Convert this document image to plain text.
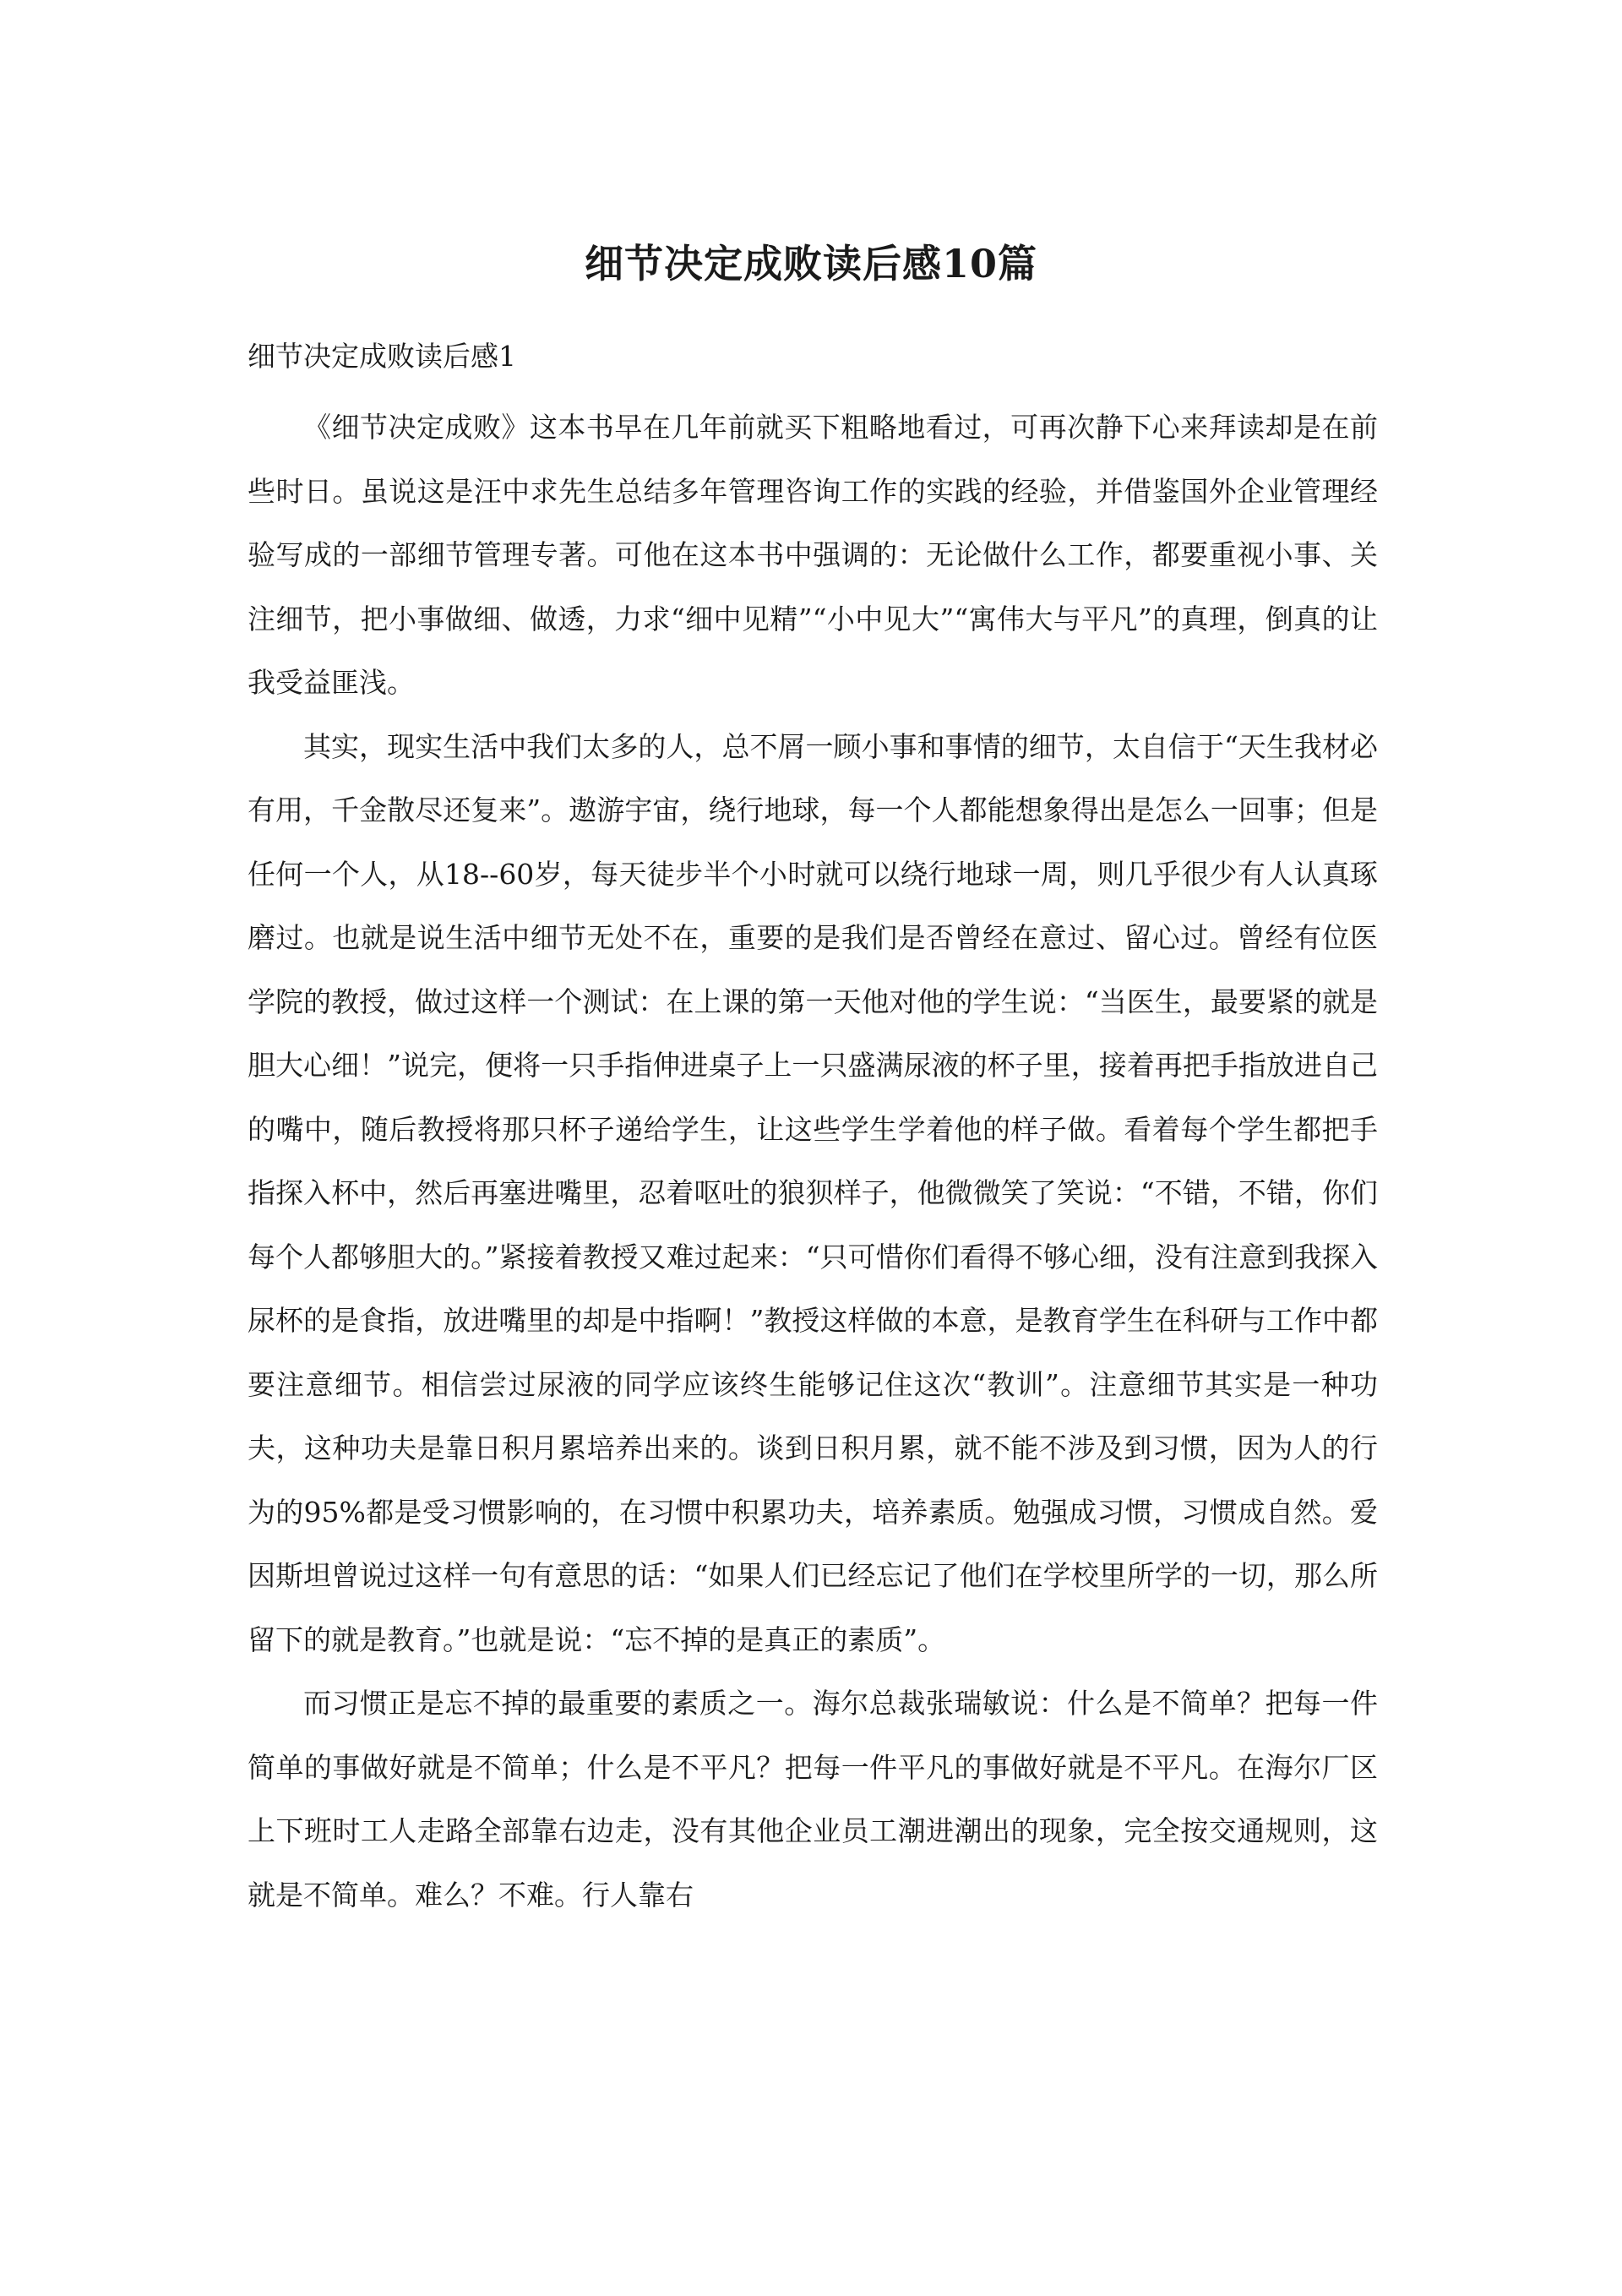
细节决定成败读后感10篇
细节决定成败读后感1

《细节决定成败》这本书早在几年前就买下粗略地看过，可再次静下心来拜读却是在前些时日。虽说这是汪中求先生总结多年管理咨询工作的实践的经验，并借鉴国外企业管理经验写成的一部细节管理专著。可他在这本书中强调的：无论做什么工作，都要重视小事、关注细节，把小事做细、做透，力求“细中见精”“小中见大”“寓伟大与平凡”的真理，倒真的让我受益匪浅。

其实，现实生活中我们太多的人，总不屑一顾小事和事情的细节，太自信于“天生我材必有用，千金散尽还复来”。遨游宇宙，绕行地球，每一个人都能想象得出是怎么一回事；但是任何一个人，从18--60岁，每天徒步半个小时就可以绕行地球一周，则几乎很少有人认真琢磨过。也就是说生活中细节无处不在，重要的是我们是否曾经在意过、留心过。曾经有位医学院的教授，做过这样一个测试：在上课的第一天他对他的学生说：“当医生，最要紧的就是胆大心细！”说完，便将一只手指伸进桌子上一只盛满尿液的杯子里，接着再把手指放进自己的嘴中，随后教授将那只杯子递给学生，让这些学生学着他的样子做。看着每个学生都把手指探入杯中，然后再塞进嘴里，忍着呕吐的狼狈样子，他微微笑了笑说：“不错，不错，你们每个人都够胆大的。”紧接着教授又难过起来：“只可惜你们看得不够心细，没有注意到我探入尿杯的是食指，放进嘴里的却是中指啊！”教授这样做的本意，是教育学生在科研与工作中都要注意细节。相信尝过尿液的同学应该终生能够记住这次“教训”。注意细节其实是一种功夫，这种功夫是靠日积月累培养出来的。谈到日积月累，就不能不涉及到习惯，因为人的行为的95%都是受习惯影响的，在习惯中积累功夫，培养素质。勉强成习惯，习惯成自然。爱因斯坦曾说过这样一句有意思的话：“如果人们已经忘记了他们在学校里所学的一切，那么所留下的就是教育。”也就是说：“忘不掉的是真正的素质”。

而习惯正是忘不掉的最重要的素质之一。海尔总裁张瑞敏说：什么是不简单？把每一件简单的事做好就是不简单；什么是不平凡？把每一件平凡的事做好就是不平凡。在海尔厂区上下班时工人走路全部靠右边走，没有其他企业员工潮进潮出的现象，完全按交通规则，这就是不简单。难么？不难。行人靠右
